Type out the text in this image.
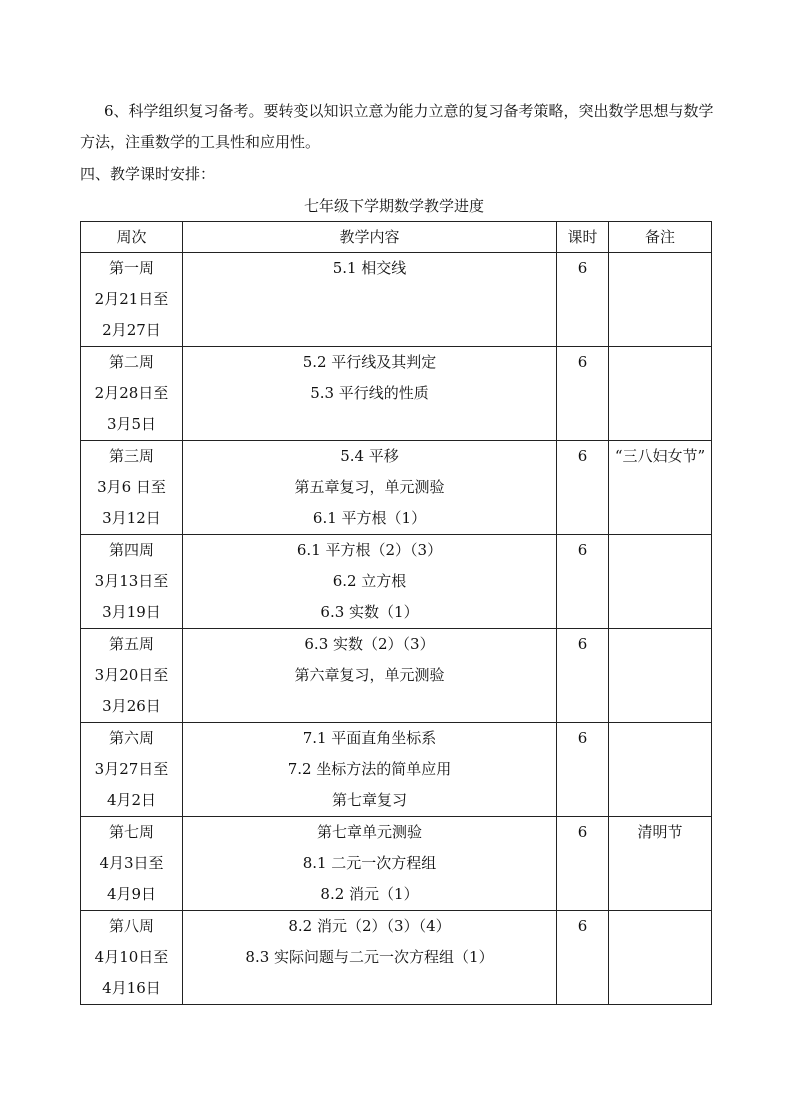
6、科学组织复习备考。要转变以知识立意为能力立意的复习备考策略，突出数学思想与数学方法，注重数学的工具性和应用性。
四、教学课时安排：
七年级下学期数学教学进度
周次	教学内容	课时	备注

第一周
2月21日至
2月27日	5.1 相交线	6	

第二周
2月28日至
3月5日	5.2 平行线及其判定
5.3 平行线的性质	6	

第三周
3月6 日至
3月12日	5.4 平移
第五章复习，单元测验
6.1 平方根（1）	6	“三八妇女节”

第四周
3月13日至
3月19日	6.1 平方根（2）（3）
6.2 立方根
6.3 实数（1）	6	

第五周
3月20日至
3月26日	6.3 实数（2）（3）
第六章复习，单元测验	6	

第六周
3月27日至
4月2日	7.1 平面直角坐标系
7.2 坐标方法的简单应用
第七章复习	6	

第七周
4月3日至
4月9日	第七章单元测验
8.1 二元一次方程组
8.2 消元（1）	6	清明节

第八周
4月10日至
4月16日	8.2 消元（2）（3）（4）
8.3 实际问题与二元一次方程组（1）	6	
